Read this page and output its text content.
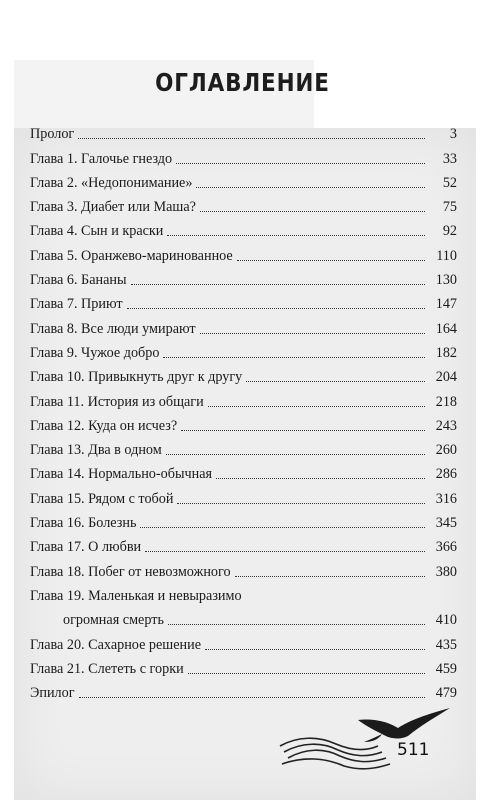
ОГЛАВЛЕНИЕ
Пролог	3
Глава 1. Галочье гнездо	33
Глава 2. «Недопонимание»	52
Глава 3. Диабет или Маша?	75
Глава 4. Сын и краски	92
Глава 5. Оранжево-маринованное	110
Глава 6. Бананы	130
Глава 7. Приют	147
Глава 8. Все люди умирают	164
Глава 9. Чужое добро	182
Глава 10. Привыкнуть друг к другу	204
Глава 11. История из общаги	218
Глава 12. Куда он исчез?	243
Глава 13. Два в одном	260
Глава 14. Нормально-обычная	286
Глава 15. Рядом с тобой	316
Глава 16. Болезнь	345
Глава 17. О любви	366
Глава 18. Побег от невозможного	380
Глава 19. Маленькая и невыразимо
огромная смерть	410
Глава 20. Сахарное решение	435
Глава 21. Слететь с горки	459
Эпилог	479
511
